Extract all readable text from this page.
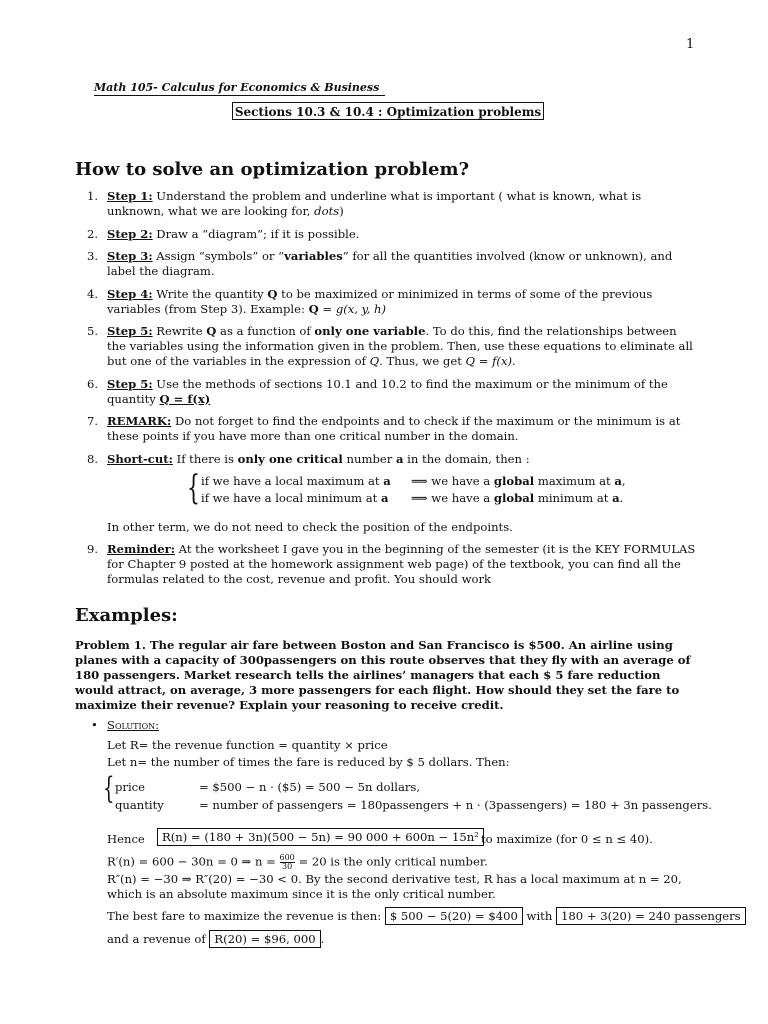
1
Math 105- Calculus for Economics & Business
Sections 10.3 & 10.4 : Optimization problems
How to solve an optimization problem?
1. Step 1: Understand the problem and underline what is important ( what is known, what is unknown, what we are looking for, dots)
2. Step 2: Draw a “diagram”; if it is possible.
3. Step 3: Assign “symbols” or “variables” for all the quantities involved (know or unknown), and label the diagram.
4. Step 4: Write the quantity Q to be maximized or minimized in terms of some of the previous variables (from Step 3). Example: Q = g(x, y, h)
5. Step 5: Rewrite Q as a function of only one variable. To do this, find the relationships between the variables using the information given in the problem. Then, use these equations to eliminate all but one of the variables in the expression of Q. Thus, we get Q = f(x).
6. Step 5: Use the methods of sections 10.1 and 10.2 to find the maximum or the minimum of the quantity Q = f(x)
7. REMARK: Do not forget to find the endpoints and to check if the maximum or the minimum is at these points if you have more than one critical number in the domain.
8. Short-cut: If there is only one critical number a in the domain, then :
{ if we have a local maximum at a ⟹ we have a global maximum at a,
if we have a local minimum at a ⟹ we have a global minimum at a.
In other term, we do not need to check the position of the endpoints.
9. Reminder: At the worksheet I gave you in the beginning of the semester (it is the KEY FORMULAS for Chapter 9 posted at the homework assignment web page) of the textbook, you can find all the formulas related to the cost, revenue and profit. You should work
Examples:
Problem 1. The regular air fare between Boston and San Francisco is $500. An airline using planes with a capacity of 300passengers on this route observes that they fly with an average of 180 passengers. Market research tells the airlines’ managers that each $ 5 fare reduction would attract, on average, 3 more passengers for each flight. How should they set the fare to maximize their revenue? Explain your reasoning to receive credit.
• Solution:
Let R= the revenue function = quantity × price
Let n= the number of times the fare is reduced by $ 5 dollars. Then:
{ price	= $500 − n · ($5) = 500 − 5n dollars,
quantity	= number of passengers = 180passengers + n · (3passengers) = 180 + 3n passengers.
Hence	R(n) = (180 + 3n)(500 − 5n) = 90 000 + 600n − 15n² to maximize (for 0 ≤ n ≤ 40).
R′(n) = 600 − 30n = 0 ⇒ $n = \frac{600}{30} = 20$ is the only critical number.
R″(n) = −30 ⇒ R″(20) = −30 < 0. By the second derivative test, R has a local maximum at n = 20, which is an absolute maximum since it is the only critical number.
The best fare to maximize the revenue is then: $ 500 − 5(20) = $400 with 180 + 3(20) = 240 passengers
and a revenue of R(20) = $96, 000 .
